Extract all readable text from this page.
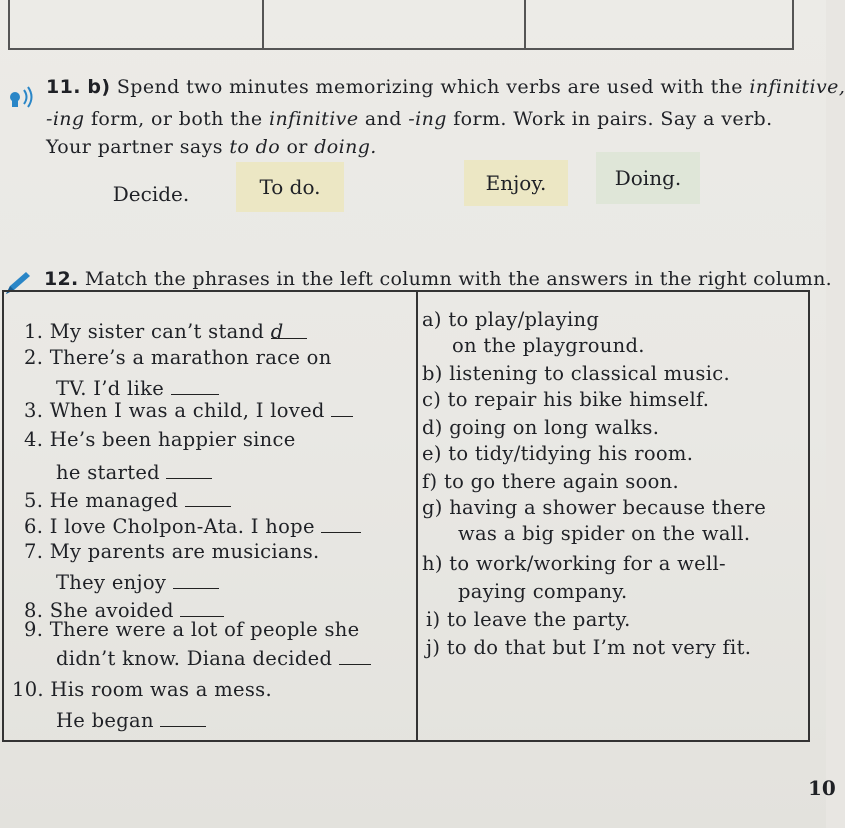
11. b) Spend two minutes memorizing which verbs are used with the infinitive,
-ing form, or both the infinitive and -ing form. Work in pairs. Say a verb.
Your partner says to do or doing.
Decide.	To do.	Enjoy.	Doing.
12. Match the phrases in the left column with the answers in the right column.
1. My sister can’t stand d
2. There’s a marathon race on
TV. I’d like
3. When I was a child, I loved
4. He’s been happier since
he started
5. He managed
6. I love Cholpon-Ata. I hope
7. My parents are musicians.
They enjoy
8. She avoided
9. There were a lot of people she
didn’t know. Diana decided
10. His room was a mess.
He began
a) to play/playing
on the playground.
b) listening to classical music.
c) to repair his bike himself.
d) going on long walks.
e) to tidy/tidying his room.
f) to go there again soon.
g) having a shower because there
was a big spider on the wall.
h) to work/working for a well-
paying company.
i) to leave the party.
j) to do that but I’m not very fit.
10
